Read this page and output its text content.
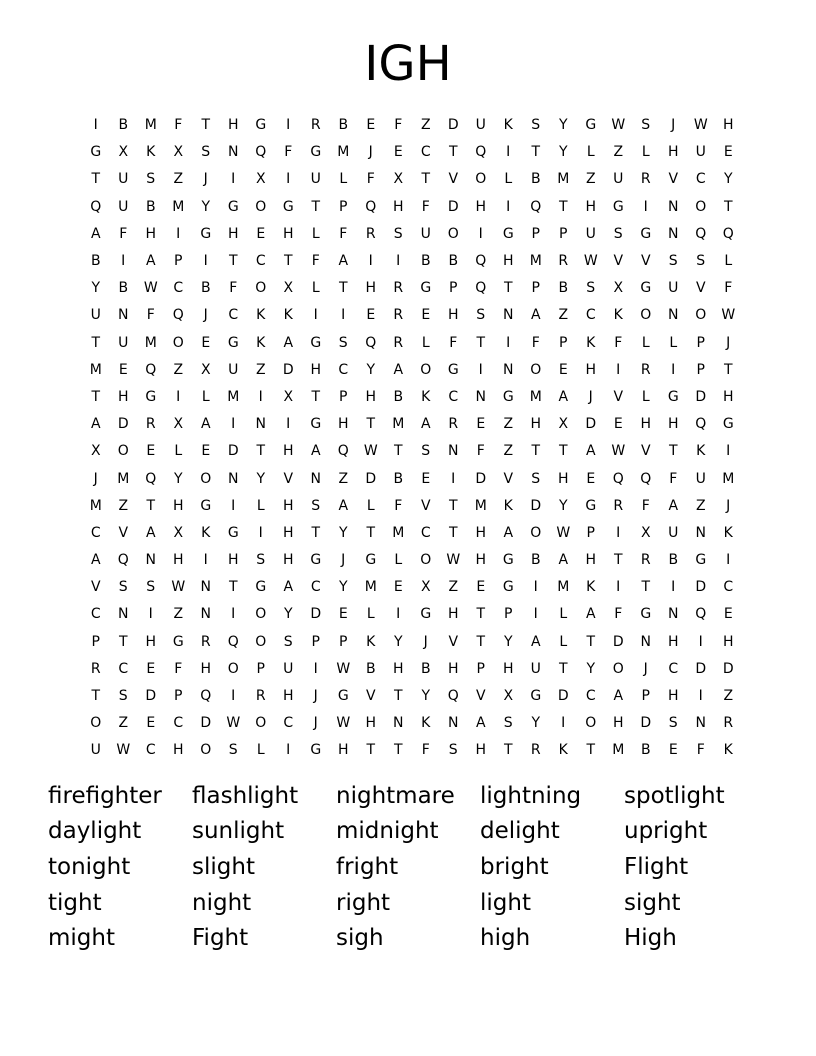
IGH
I	B	M	F	T	H	G	I	R	B	E	F	Z	D	U	K	S	Y	G	W	S	J	W	H
G	X	K	X	S	N	Q	F	G	M	J	E	C	T	Q	I	T	Y	L	Z	L	H	U	E
T	U	S	Z	J	I	X	I	U	L	F	X	T	V	O	L	B	M	Z	U	R	V	C	Y
Q	U	B	M	Y	G	O	G	T	P	Q	H	F	D	H	I	Q	T	H	G	I	N	O	T
A	F	H	I	G	H	E	H	L	F	R	S	U	O	I	G	P	P	U	S	G	N	Q	Q
B	I	A	P	I	T	C	T	F	A	I	I	B	B	Q	H	M	R	W	V	V	S	S	L
Y	B	W	C	B	F	O	X	L	T	H	R	G	P	Q	T	P	B	S	X	G	U	V	F
U	N	F	Q	J	C	K	K	I	I	E	R	E	H	S	N	A	Z	C	K	O	N	O	W
T	U	M	O	E	G	K	A	G	S	Q	R	L	F	T	I	F	P	K	F	L	L	P	J
M	E	Q	Z	X	U	Z	D	H	C	Y	A	O	G	I	N	O	E	H	I	R	I	P	T
T	H	G	I	L	M	I	X	T	P	H	B	K	C	N	G	M	A	J	V	L	G	D	H
A	D	R	X	A	I	N	I	G	H	T	M	A	R	E	Z	H	X	D	E	H	H	Q	G
X	O	E	L	E	D	T	H	A	Q	W	T	S	N	F	Z	T	T	A	W	V	T	K	I
J	M	Q	Y	O	N	Y	V	N	Z	D	B	E	I	D	V	S	H	E	Q	Q	F	U	M
M	Z	T	H	G	I	L	H	S	A	L	F	V	T	M	K	D	Y	G	R	F	A	Z	J
C	V	A	X	K	G	I	H	T	Y	T	M	C	T	H	A	O	W	P	I	X	U	N	K
A	Q	N	H	I	H	S	H	G	J	G	L	O	W	H	G	B	A	H	T	R	B	G	I
V	S	S	W	N	T	G	A	C	Y	M	E	X	Z	E	G	I	M	K	I	T	I	D	C
C	N	I	Z	N	I	O	Y	D	E	L	I	G	H	T	P	I	L	A	F	G	N	Q	E
P	T	H	G	R	Q	O	S	P	P	K	Y	J	V	T	Y	A	L	T	D	N	H	I	H
R	C	E	F	H	O	P	U	I	W	B	H	B	H	P	H	U	T	Y	O	J	C	D	D
T	S	D	P	Q	I	R	H	J	G	V	T	Y	Q	V	X	G	D	C	A	P	H	I	Z
O	Z	E	C	D	W	O	C	J	W	H	N	K	N	A	S	Y	I	O	H	D	S	N	R
U	W	C	H	O	S	L	I	G	H	T	T	F	S	H	T	R	K	T	M	B	E	F	K
firefighter	flashlight	nightmare	lightning	spotlight
daylight	sunlight	midnight	delight	upright
tonight	slight	fright	bright	Flight
tight	night	right	light	sight
might	Fight	sigh	high	High
